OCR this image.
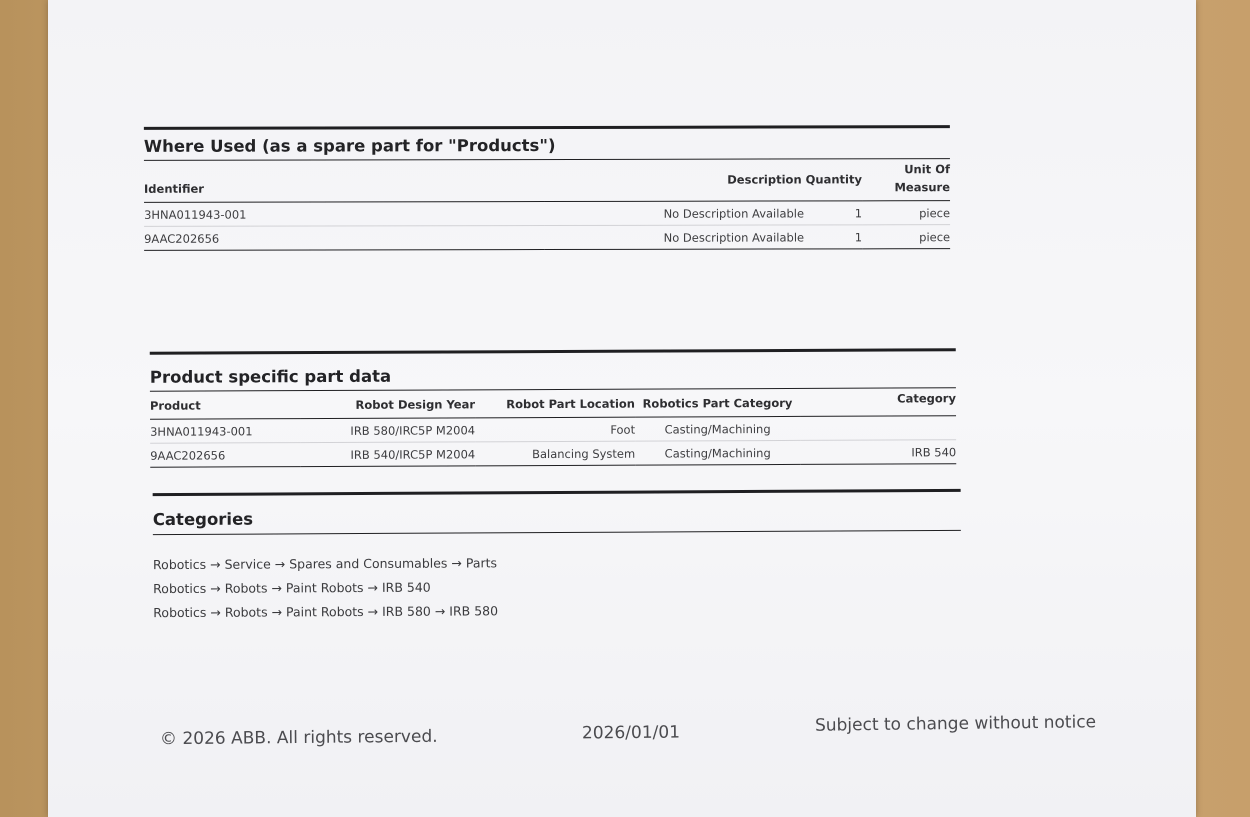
Where Used (as a spare part for "Products")
Identifier	Description Quantity	Unit Of
Measure

3HNA011943-001	No Description Available 1	piece
9AAC202656	No Description Available 1	piece
Product specific part data
Product	Robot Design Year	Robot Part Location	Robotics Part Category	Category
3HNA011943-001	IRB 580/IRC5P M2004	Foot	Casting/Machining	
9AAC202656	IRB 540/IRC5P M2004	Balancing System	Casting/Machining	IRB 540
Categories
Robotics → Service → Spares and Consumables → Parts
Robotics → Robots → Paint Robots → IRB 540
Robotics → Robots → Paint Robots → IRB 580 → IRB 580
© 2026 ABB. All rights reserved.	2026/01/01	Subject to change without notice
